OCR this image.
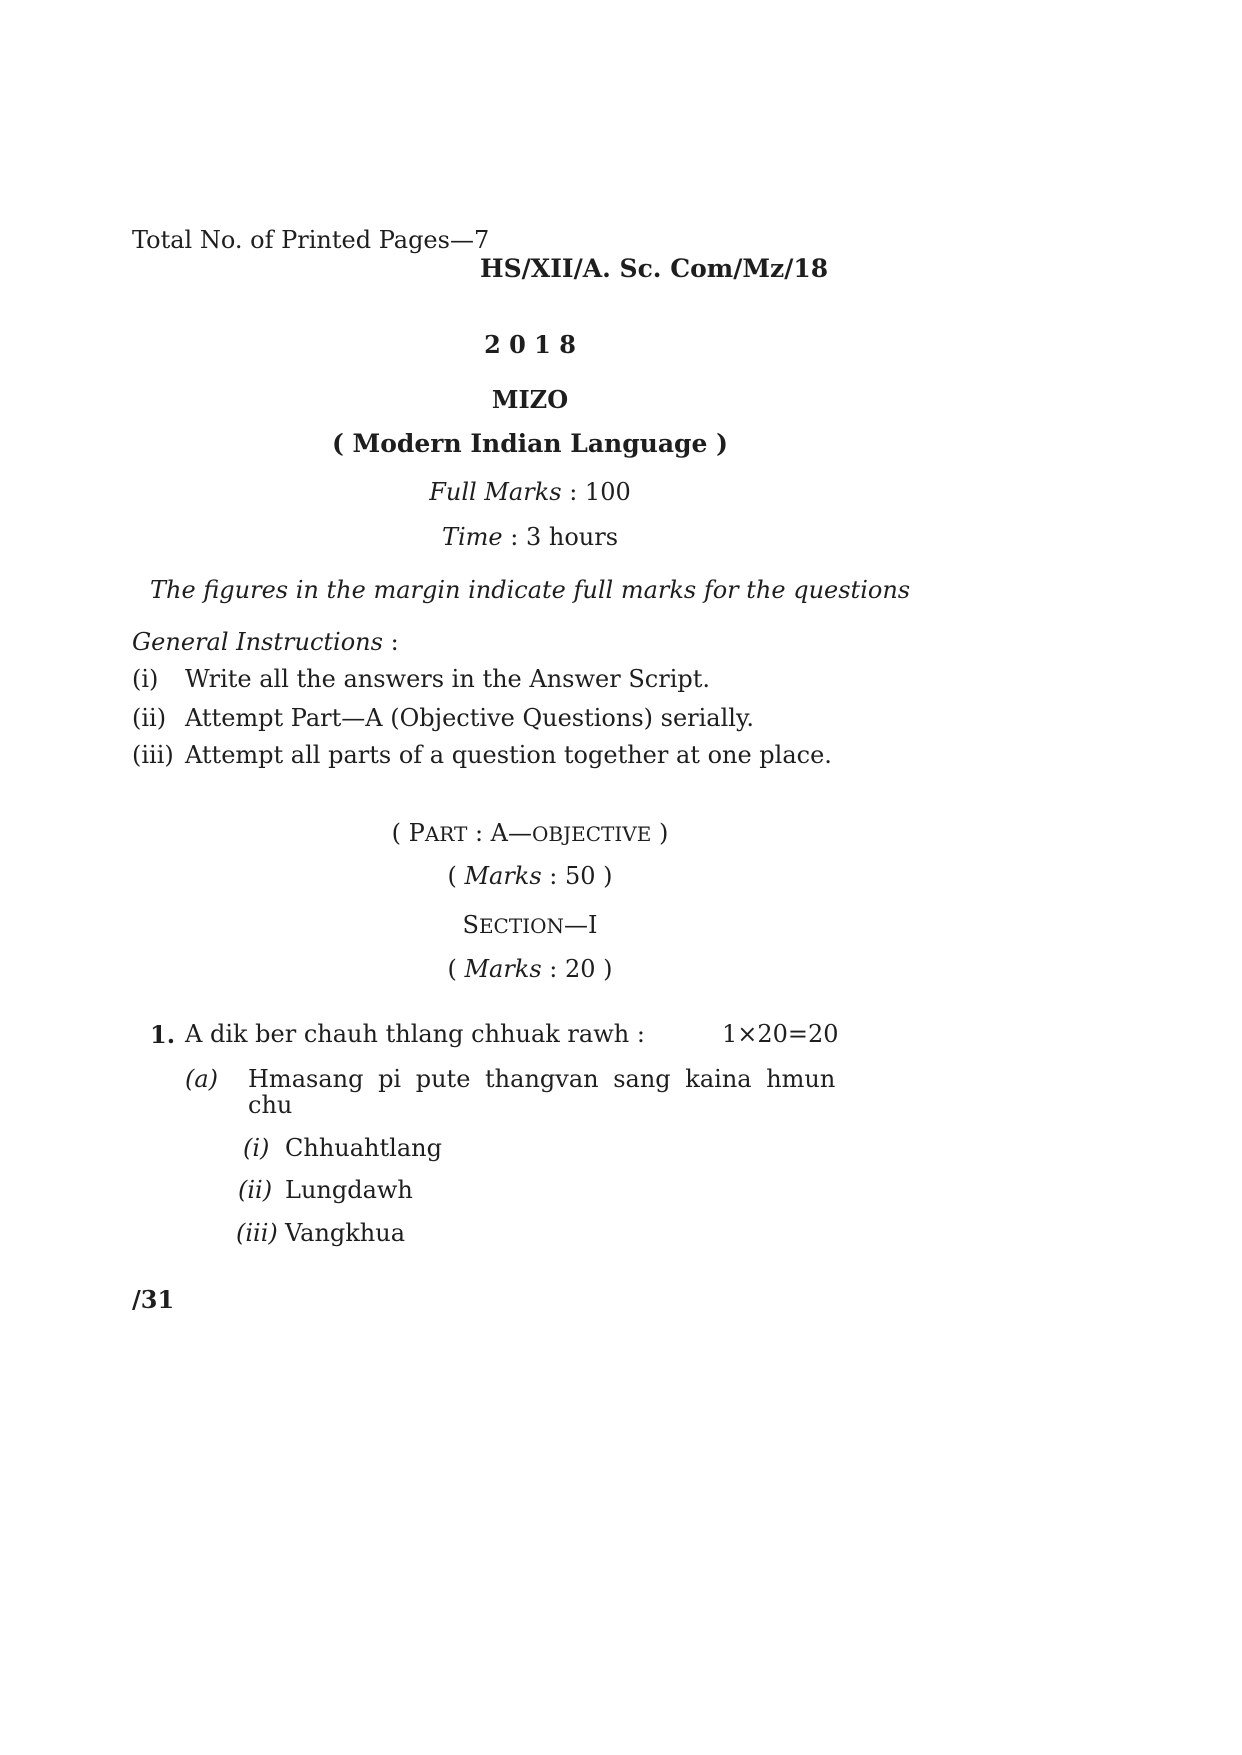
Total No. of Printed Pages—7
HS/XII/A. Sc. Com/Mz/18
2 0 1 8
MIZO
( Modern Indian Language )
Full Marks : 100
Time : 3 hours
The figures in the margin indicate full marks for the questions
General Instructions :
(i) Write all the answers in the Answer Script.
(ii) Attempt Part—A (Objective Questions) serially.
(iii) Attempt all parts of a question together at one place.
( PART : A—OBJECTIVE )
( Marks : 50 )
SECTION—I
( Marks : 20 )
1. A dik ber chauh thlang chhuak rawh :	1×20=20
(a) Hmasang pi pute thangvan sang kaina hmun
chu
(i) Chhuahtlang
(ii) Lungdawh
(iii) Vangkhua
/31
